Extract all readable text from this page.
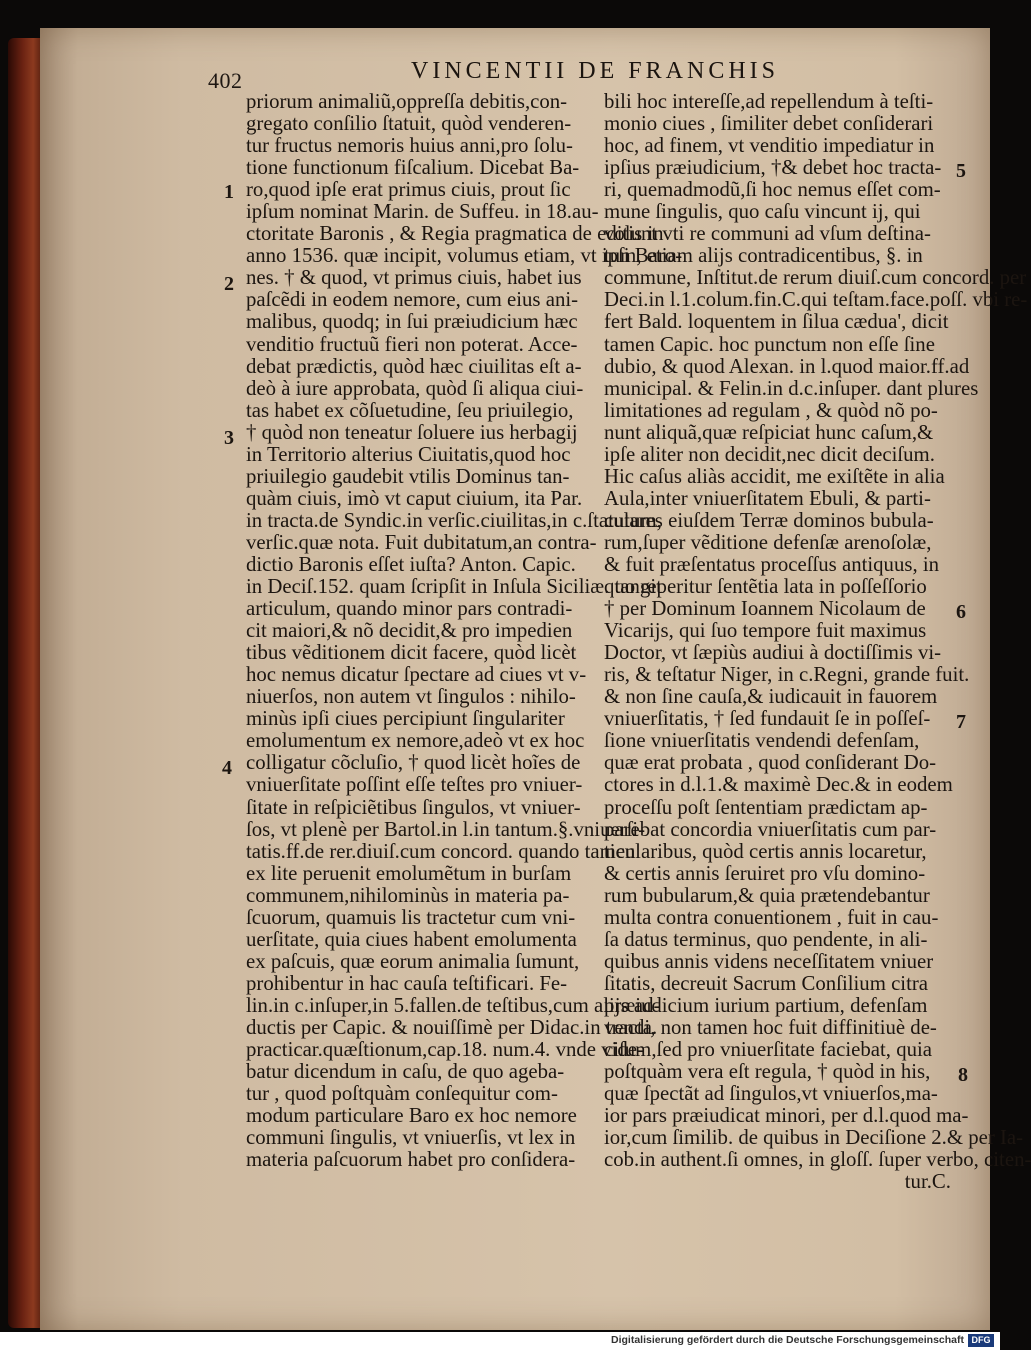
402	VINCENTII DE FRANCHIS
priorum animaliũ,oppreſſa debitis,con-
gregato conſilio ſtatuit, quòd venderen-
tur fructus nemoris huius anni,pro ſolu-
tione functionum fiſcalium. Dicebat Ba-
ro,quod ipſe erat primus ciuis, prout ſic
ipſum nominat Marin. de Suffeu. in 18.au-
ctoritate Baronis , & Regia pragmatica de editis in
anno 1536. quæ incipit, volumus etiam, vt ipſi Baro-
nes. † & quod, vt primus ciuis, habet ius
paſcẽdi in eodem nemore, cum eius ani-
malibus, quodq; in ſui præiudicium hæc
venditio fructuũ fieri non poterat. Acce-
debat prædictis, quòd hæc ciuilitas eſt a-
deò à iure approbata, quòd ſi aliqua ciui-
tas habet ex cõſuetudine, ſeu priuilegio,
† quòd non teneatur ſoluere ius herbagij
in Territorio alterius Ciuitatis,quod hoc
priuilegio gaudebit vtilis Dominus tan-
quàm ciuis, imò vt caput ciuium, ita Par.
in tracta.de Syndic.in verſic.ciuilitas,in c.ſtatutum,
verſic.quæ nota. Fuit dubitatum,an contra-
dictio Baronis eſſet iuſta? Anton. Capic.
in Deciſ.152. quam ſcripſit in Inſula Siciliæ. tangit
articulum, quando minor pars contradi-
cit maiori,& nõ decidit,& pro impedien
tibus vẽditionem dicit facere, quòd licèt
hoc nemus dicatur ſpectare ad ciues vt v-
niuerſos, non autem vt ſingulos : nihilo-
minùs ipſi ciues percipiunt ſingulariter
emolumentum ex nemore,adeò vt ex hoc
colligatur cõcluſio, † quod licèt hoĩes de
vniuerſitate poſſint eſſe teſtes pro vniuer-
ſitate in reſpiciẽtibus ſingulos, vt vniuer-
ſos, vt plenè per Bartol.in l.in tantum.§.vniuerſi-
tatis.ff.de rer.diuiſ.cum concord. quando tamen
ex lite peruenit emolumẽtum in burſam
communem,nihilominùs in materia pa-
ſcuorum, quamuis lis tractetur cum vni-
uerſitate, quia ciues habent emolumenta
ex paſcuis, quæ eorum animalia ſumunt,
prohibentur in hac cauſa teſtificari. Fe-
lin.in c.inſuper,in 5.fallen.de teſtibus,cum alijs ad-
ductis per Capic. & nouiſſimè per Didac.in tracta.
practicar.quæſtionum,cap.18. num.4. vnde vide-
batur dicendum in caſu, de quo agebа-
tur , quod poſtquàm conſequitur com-
modum particulare Baro ex hoc nemore
communi ſingulis, vt vniuerſis, vt lex in
materia paſcuorum habet pro conſidera-
bili hoc intereſſe,ad repellendum à teſti-
monio ciues , ſimiliter debet conſiderari
hoc, ad finem, vt venditio impediatur in
ipſius præiudicium, †& debet hoc tracta-
ri, quemadmodũ,ſi hoc nemus eſſet com-
mune ſingulis, quo caſu vincunt ij, qui
volunt vti re communi ad vſum deſtina-
tum, etiam alijs contradicentibus, §. in
commune, Inſtitut.de rerum diuiſ.cum concord. per
Deci.in l.1.colum.fin.C.qui teſtam.face.poſſ. vbi re-
fert Bald. loquentem in ſilua cædua', dicit
tamen Capic. hoc punctum non eſſe ſine
dubio, & quod Alexan. in l.quod maior.ff.ad
municipal. & Felin.in d.c.inſuper. dant plures
limitationes ad regulam , & quòd nõ po-
nunt aliquã,quæ reſpiciat hunc caſum,&
ipſe aliter non decidit,nec dicit deciſum.
Hic caſus aliàs accidit, me exiſtẽte in alia
Aula,inter vniuerſitatem Ebuli, & parti-
culares eiuſdem Terræ dominos bubula-
rum,ſuper vẽditione defenſæ arenoſolæ,
& fuit præſentatus proceſſus antiquus, in
quo reperitur ſentẽtia lata in poſſeſſorio
† per Dominum Ioannem Nicolaum de
Vicarijs, qui ſuo tempore fuit maximus
Doctor, vt ſæpiùs audiui à doctiſſimis vi-
ris, & teſtatur Niger, in c.Regni, grande fuit.
& non ſine cauſa,& iudicauit in fauorem
vniuerſitatis, † ſed fundauit ſe in poſſeſ-
ſione vniuerſitatis vendendi defenſam,
quæ erat probata , quod conſiderant Do-
ctores in d.l.1.& maximè Dec.& in eodem
proceſſu poſt ſententiam prædictam ap-
parebat concordia vniuerſitatis cum par-
ticularibus, quòd certis annis locaretur,
& certis annis ſeruiret pro vſu domino-
rum bubularum,& quia prætendebantur
multa contra conuentionem , fuit in cau-
ſa datus terminus, quo pendente, in ali-
quibus annis videns neceſſitatem vniuer
ſitatis, decreuit Sacrum Conſilium citra
præiudicium iurium partium, defenſam
vendi, non tamen hoc fuit diffinitiuè de-
ciſum,ſed pro vniuerſitate faciebat, quia
poſtquàm vera eſt regula, † quòd in his,
quæ ſpectãt ad ſingulos,vt vniuerſos,ma-
ior pars præiudicat minori, per d.l.quod ma-
ior,cum ſimilib. de quibus in Deciſione 2.& per Ia-
cob.in authent.ſi omnes, in gloſſ. ſuper verbo, citen-
tur.C.
1
2
3
4
5
6
7
8
Digitalisierung gefördert durch die Deutsche Forschungsgemeinschaft DFG
